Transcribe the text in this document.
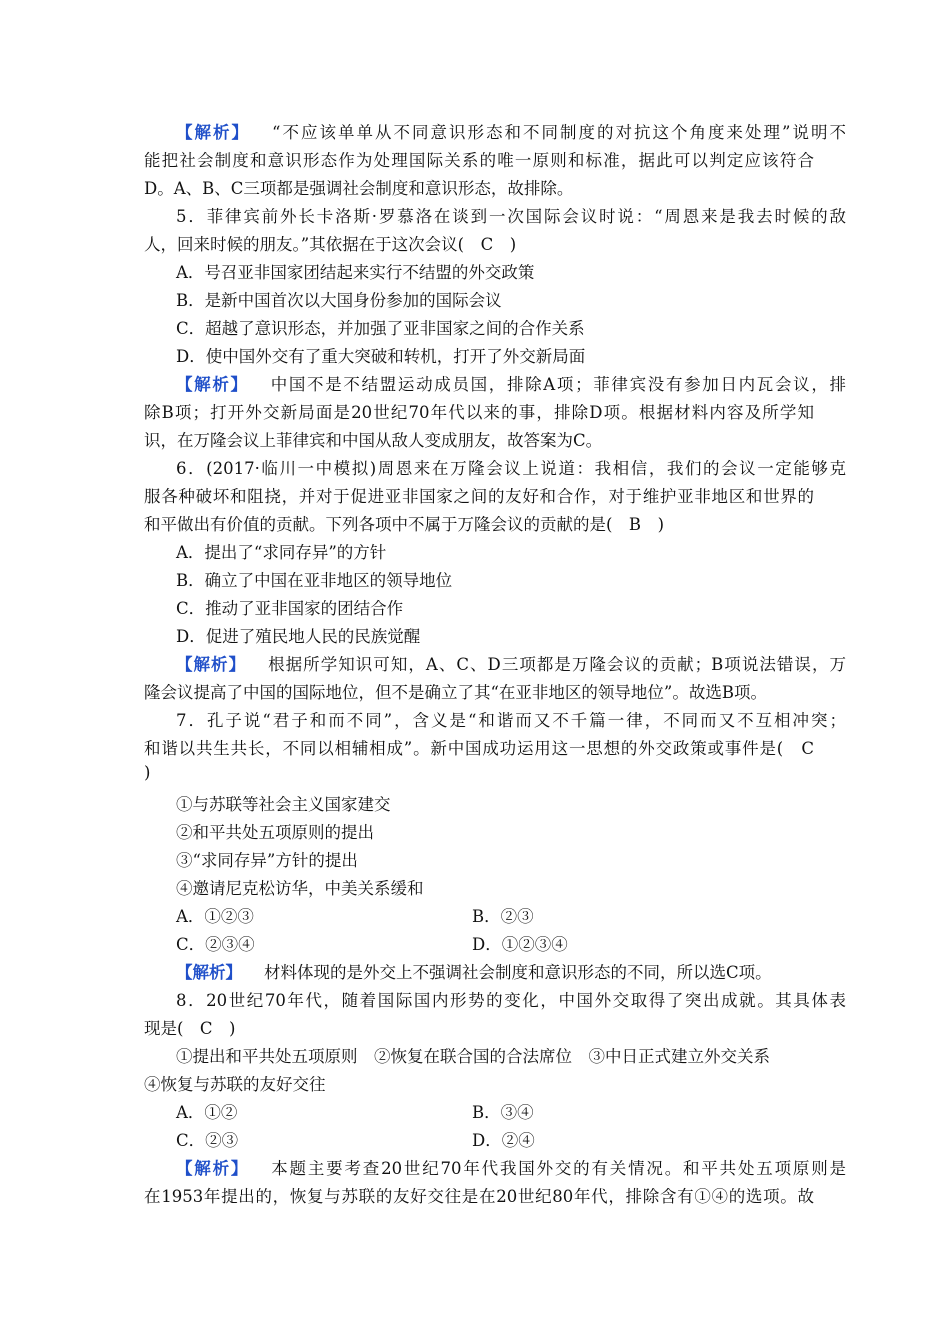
【解析】 “不应该单单从不同意识形态和不同制度的对抗这个角度来处理”说明不
能把社会制度和意识形态作为处理国际关系的唯一原则和标准，据此可以判定应该符合
D。A、B、C三项都是强调社会制度和意识形态，故排除。
5．菲律宾前外长卡洛斯·罗慕洛在谈到一次国际会议时说：“周恩来是我去时候的敌
人，回来时候的朋友。”其依据在于这次会议(　C　)
A．号召亚非国家团结起来实行不结盟的外交政策
B．是新中国首次以大国身份参加的国际会议
C．超越了意识形态，并加强了亚非国家之间的合作关系
D．使中国外交有了重大突破和转机，打开了外交新局面
【解析】 中国不是不结盟运动成员国，排除A项；菲律宾没有参加日内瓦会议，排
除B项；打开外交新局面是20世纪70年代以来的事，排除D项。根据材料内容及所学知
识，在万隆会议上菲律宾和中国从敌人变成朋友，故答案为C。
6．(2017·临川一中模拟)周恩来在万隆会议上说道：我相信，我们的会议一定能够克
服各种破坏和阻挠，并对于促进亚非国家之间的友好和合作，对于维护亚非地区和世界的
和平做出有价值的贡献。下列各项中不属于万隆会议的贡献的是(　B　)
A．提出了“求同存异”的方针
B．确立了中国在亚非地区的领导地位
C．推动了亚非国家的团结合作
D．促进了殖民地人民的民族觉醒
【解析】 根据所学知识可知，A、C、D三项都是万隆会议的贡献；B项说法错误，万
隆会议提高了中国的国际地位，但不是确立了其“在亚非地区的领导地位”。故选B项。
7．孔子说“君子和而不同”，含义是“和谐而又不千篇一律，不同而又不互相冲突；
和谐以共生共长，不同以相辅相成”。新中国成功运用这一思想的外交政策或事件是(　C
)
①与苏联等社会主义国家建交
②和平共处五项原则的提出
③“求同存异”方针的提出
④邀请尼克松访华，中美关系缓和
A．①②③	B．②③
C．②③④	D．①②③④
【解析】 材料体现的是外交上不强调社会制度和意识形态的不同，所以选C项。
8．20世纪70年代，随着国际国内形势的变化，中国外交取得了突出成就。其具体表
现是(　C　)
①提出和平共处五项原则　②恢复在联合国的合法席位　③中日正式建立外交关系
④恢复与苏联的友好交往
A．①②	B．③④
C．②③	D．②④
【解析】 本题主要考查20世纪70年代我国外交的有关情况。和平共处五项原则是
在1953年提出的，恢复与苏联的友好交往是在20世纪80年代，排除含有①④的选项。故
